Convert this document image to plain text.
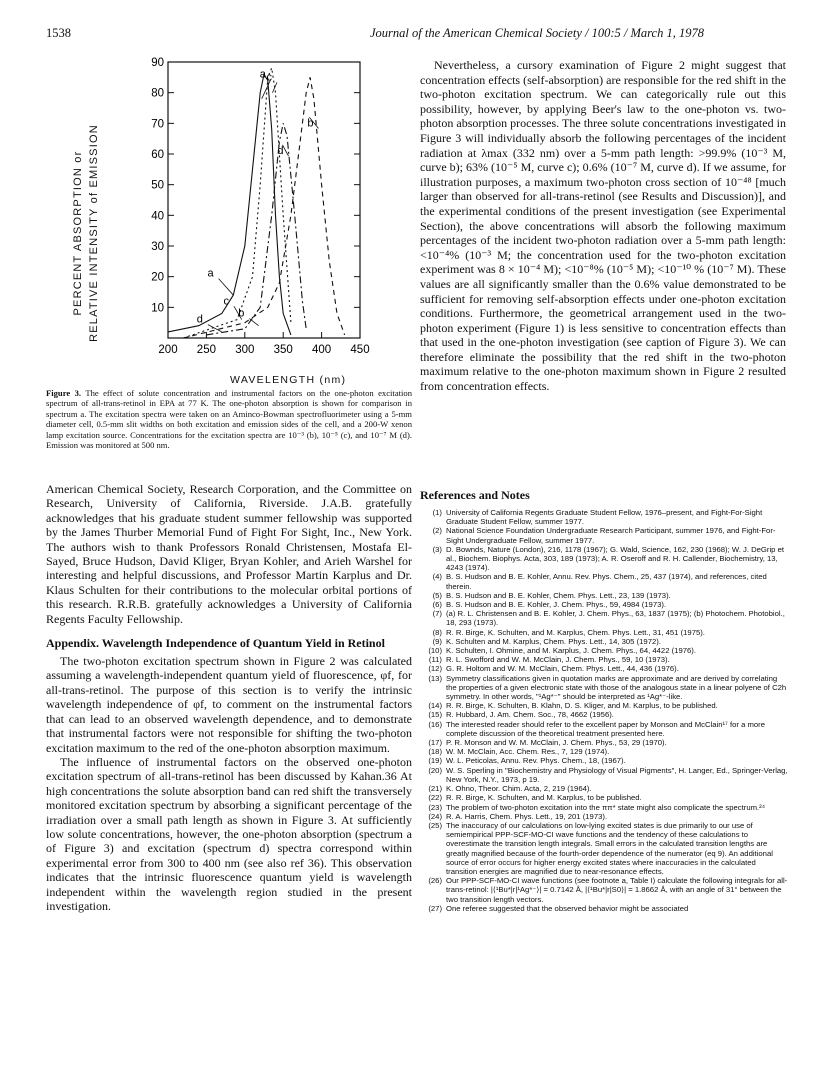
1538	Journal of the American Chemical Society / 100:5 / March 1, 1978
10
20
30
40
50
60
70
80
90
200 250 300 350 400 450
a
b
c
d
a
c
b
d
PERCENT ABSORPTION or RELATIVE INTENSITY of EMISSION
WAVELENGTH (nm)
Figure 3. The effect of solute concentration and instrumental factors on the one-photon excitation spectrum of all-trans-retinol in EPA at 77 K. The one-photon absorption is shown for comparison in spectrum a. The excitation spectra were taken on an Aminco-Bowman spectrofluorimeter using a 5-mm diameter cell, 0.5-mm slit widths on both excitation and emission sides of the cell, and a 200-W xenon lamp excitation source. Concentrations for the excitation spectra are 10⁻³ (b), 10⁻⁵ (c), and 10⁻⁷ M (d). Emission was monitored at 500 nm.

American Chemical Society, Research Corporation, and the Committee on Research, University of California, Riverside. J.A.B. gratefully acknowledges that his graduate student summer fellowship was supported by the James Thurber Memorial Fund of Fight For Sight, Inc., New York. The authors wish to thank Professors Ronald Christensen, Mostafa El-Sayed, Bruce Hudson, David Kliger, Bryan Kohler, and Arieh Warshel for interesting and helpful discussions, and Professor Martin Karplus and Dr. Klaus Schulten for their contributions to the molecular orbital portions of this research. R.R.B. gratefully acknowledges a University of California Regents Faculty Fellowship.

Appendix. Wavelength Independence of Quantum Yield in Retinol

The two-photon excitation spectrum shown in Figure 2 was calculated assuming a wavelength-independent quantum yield of fluorescence, φf, for all-trans-retinol. The purpose of this section is to verify the intrinsic wavelength independence of φf, to comment on the instrumental factors that can lead to an observed wavelength dependence, and to demonstrate that instrumental factors were not responsible for shifting the two-photon excitation maximum to the red of the one-photon absorption maximum.

The influence of instrumental factors on the observed one-photon excitation spectrum of all-trans-retinol has been discussed by Kahan.36 At high concentrations the solute absorption band can red shift the transversely monitored excitation spectrum by absorbing a significant percentage of the irradiation over a small path length as shown in Figure 3. At sufficiently low solute concentrations, however, the one-photon absorption (spectrum a of Figure 3) and excitation (spectrum d) spectra correspond within experimental error from 300 to 400 nm (see also ref 36). This observation indicates that the intrinsic fluorescence quantum yield is wavelength independent within the wavelength region studied in the present investigation.

Nevertheless, a cursory examination of Figure 2 might suggest that concentration effects (self-absorption) are responsible for the red shift in the two-photon excitation spectrum. We can categorically rule out this possibility, however, by applying Beer's law to the one-photon vs. two-photon absorption processes. The three solute concentrations investigated in Figure 3 will individually absorb the following percentages of the incident radiation at λmax (332 nm) over a 5-mm path length: >99.9% (10⁻³ M, curve b); 63% (10⁻⁵ M, curve c); 0.6% (10⁻⁷ M, curve d). If we assume, for illustration purposes, a maximum two-photon cross section of 10⁻⁴⁸ [much larger than observed for all-trans-retinol (see Results and Discussion)], and the experimental conditions of the present investigation (see Experimental Section), the above concentrations will absorb the following maximum percentages of the incident two-photon radiation over a 5-mm path length: <10⁻⁴% (10⁻³ M; the concentration used for the two-photon excitation experiment was 8 × 10⁻⁴ M); <10⁻⁸% (10⁻⁵ M); <10⁻¹⁰ % (10⁻⁷ M). These values are all significantly smaller than the 0.6% value demonstrated to be sufficient for removing self-absorption effects under one-photon excitation conditions. Furthermore, the geometrical arrangement used in the two-photon experiment (Figure 1) is less sensitive to concentration effects than that used in the one-photon investigation (see caption of Figure 3). We can therefore eliminate the possibility that the red shift in the two-photon maximum relative to the one-photon maximum shown in Figure 2 resulted from concentration effects.

References and Notes
(1) University of California Regents Graduate Student Fellow, 1976–present, and Fight-For-Sight Graduate Student Fellow, summer 1977.
(2) National Science Foundation Undergraduate Research Participant, summer 1976, and Fight-For-Sight Undergraduate Fellow, summer 1977.
(3) D. Bownds, Nature (London), 216, 1178 (1967); G. Wald, Science, 162, 230 (1968); W. J. DeGrip et al., Biochem. Biophys. Acta, 303, 189 (1973); A. R. Oseroff and R. H. Callender, Biochemistry, 13, 4243 (1974).
(4) B. S. Hudson and B. E. Kohler, Annu. Rev. Phys. Chem., 25, 437 (1974), and references, cited therein.
(5) B. S. Hudson and B. E. Kohler, Chem. Phys. Lett., 23, 139 (1973).
(6) B. S. Hudson and B. E. Kohler, J. Chem. Phys., 59, 4984 (1973).
(7) (a) R. L. Christensen and B. E. Kohler, J. Chem. Phys., 63, 1837 (1975); (b) Photochem. Photobiol., 18, 293 (1973).
(8) R. R. Birge, K. Schulten, and M. Karplus, Chem. Phys. Lett., 31, 451 (1975).
(9) K. Schulten and M. Karplus, Chem. Phys. Lett., 14, 305 (1972).
(10) K. Schulten, I. Ohmine, and M. Karplus, J. Chem. Phys., 64, 4422 (1976).
(11) R. L. Swofford and W. M. McClain, J. Chem. Phys., 59, 10 (1973).
(12) G. R. Holtom and W. M. McClain, Chem. Phys. Lett., 44, 436 (1976).
(13) Symmetry classifications given in quotation marks are approximate and are derived by correlating the properties of a given electronic state with those of the analogous state in a linear polyene of C2h symmetry. In other words, "¹Ag*⁻" should be interpreted as ¹Ag*⁻-like.
(14) R. R. Birge, K. Schulten, B. Klahn, D. S. Kliger, and M. Karplus, to be published.
(15) R. Hubbard, J. Am. Chem. Soc., 78, 4662 (1956).
(16) The interested reader should refer to the excellent paper by Monson and McClain¹⁷ for a more complete discussion of the theoretical treatment presented here.
(17) P. R. Monson and W. M. McClain, J. Chem. Phys., 53, 29 (1970).
(18) W. M. McClain, Acc. Chem. Res., 7, 129 (1974).
(19) W. L. Peticolas, Annu. Rev. Phys. Chem., 18, (1967).
(20) W. S. Sperling in "Biochemistry and Physiology of Visual Pigments", H. Langer, Ed., Springer-Verlag, New York, N.Y., 1973, p 19.
(21) K. Ohno, Theor. Chim. Acta, 2, 219 (1964).
(22) R. R. Birge, K. Schulten, and M. Karplus, to be published.
(23) The problem of two-photon excitation into the ππ* state might also complicate the spectrum.²⁴
(24) R. A. Harris, Chem. Phys. Lett., 19, 201 (1973).
(25) The inaccuracy of our calculations on low-lying excited states is due primarily to our use of semiempirical PPP-SCF-MO-CI wave functions and the tendency of these calculations to overestimate the transition length integrals. Small errors in the calculated transition lengths are greatly magnified because of the fourth-order dependence of the numerator (eq 9). An additional source of error occurs for higher energy excited states where inaccuracies in the calculated transition energies are magnified due to near-resonance effects.
(26) Our PPP-SCF-MO-CI wave functions (see footnote a, Table I) calculate the following integrals for all-trans-retinol: |⟨¹Bu*|r|¹Ag*⁻⟩| = 0.7142 Å, |⟨¹Bu*|r|S0⟩| = 1.8662 Å, with an angle of 31° between the two transition length vectors.
(27) One referee suggested that the observed behavior might be associated
